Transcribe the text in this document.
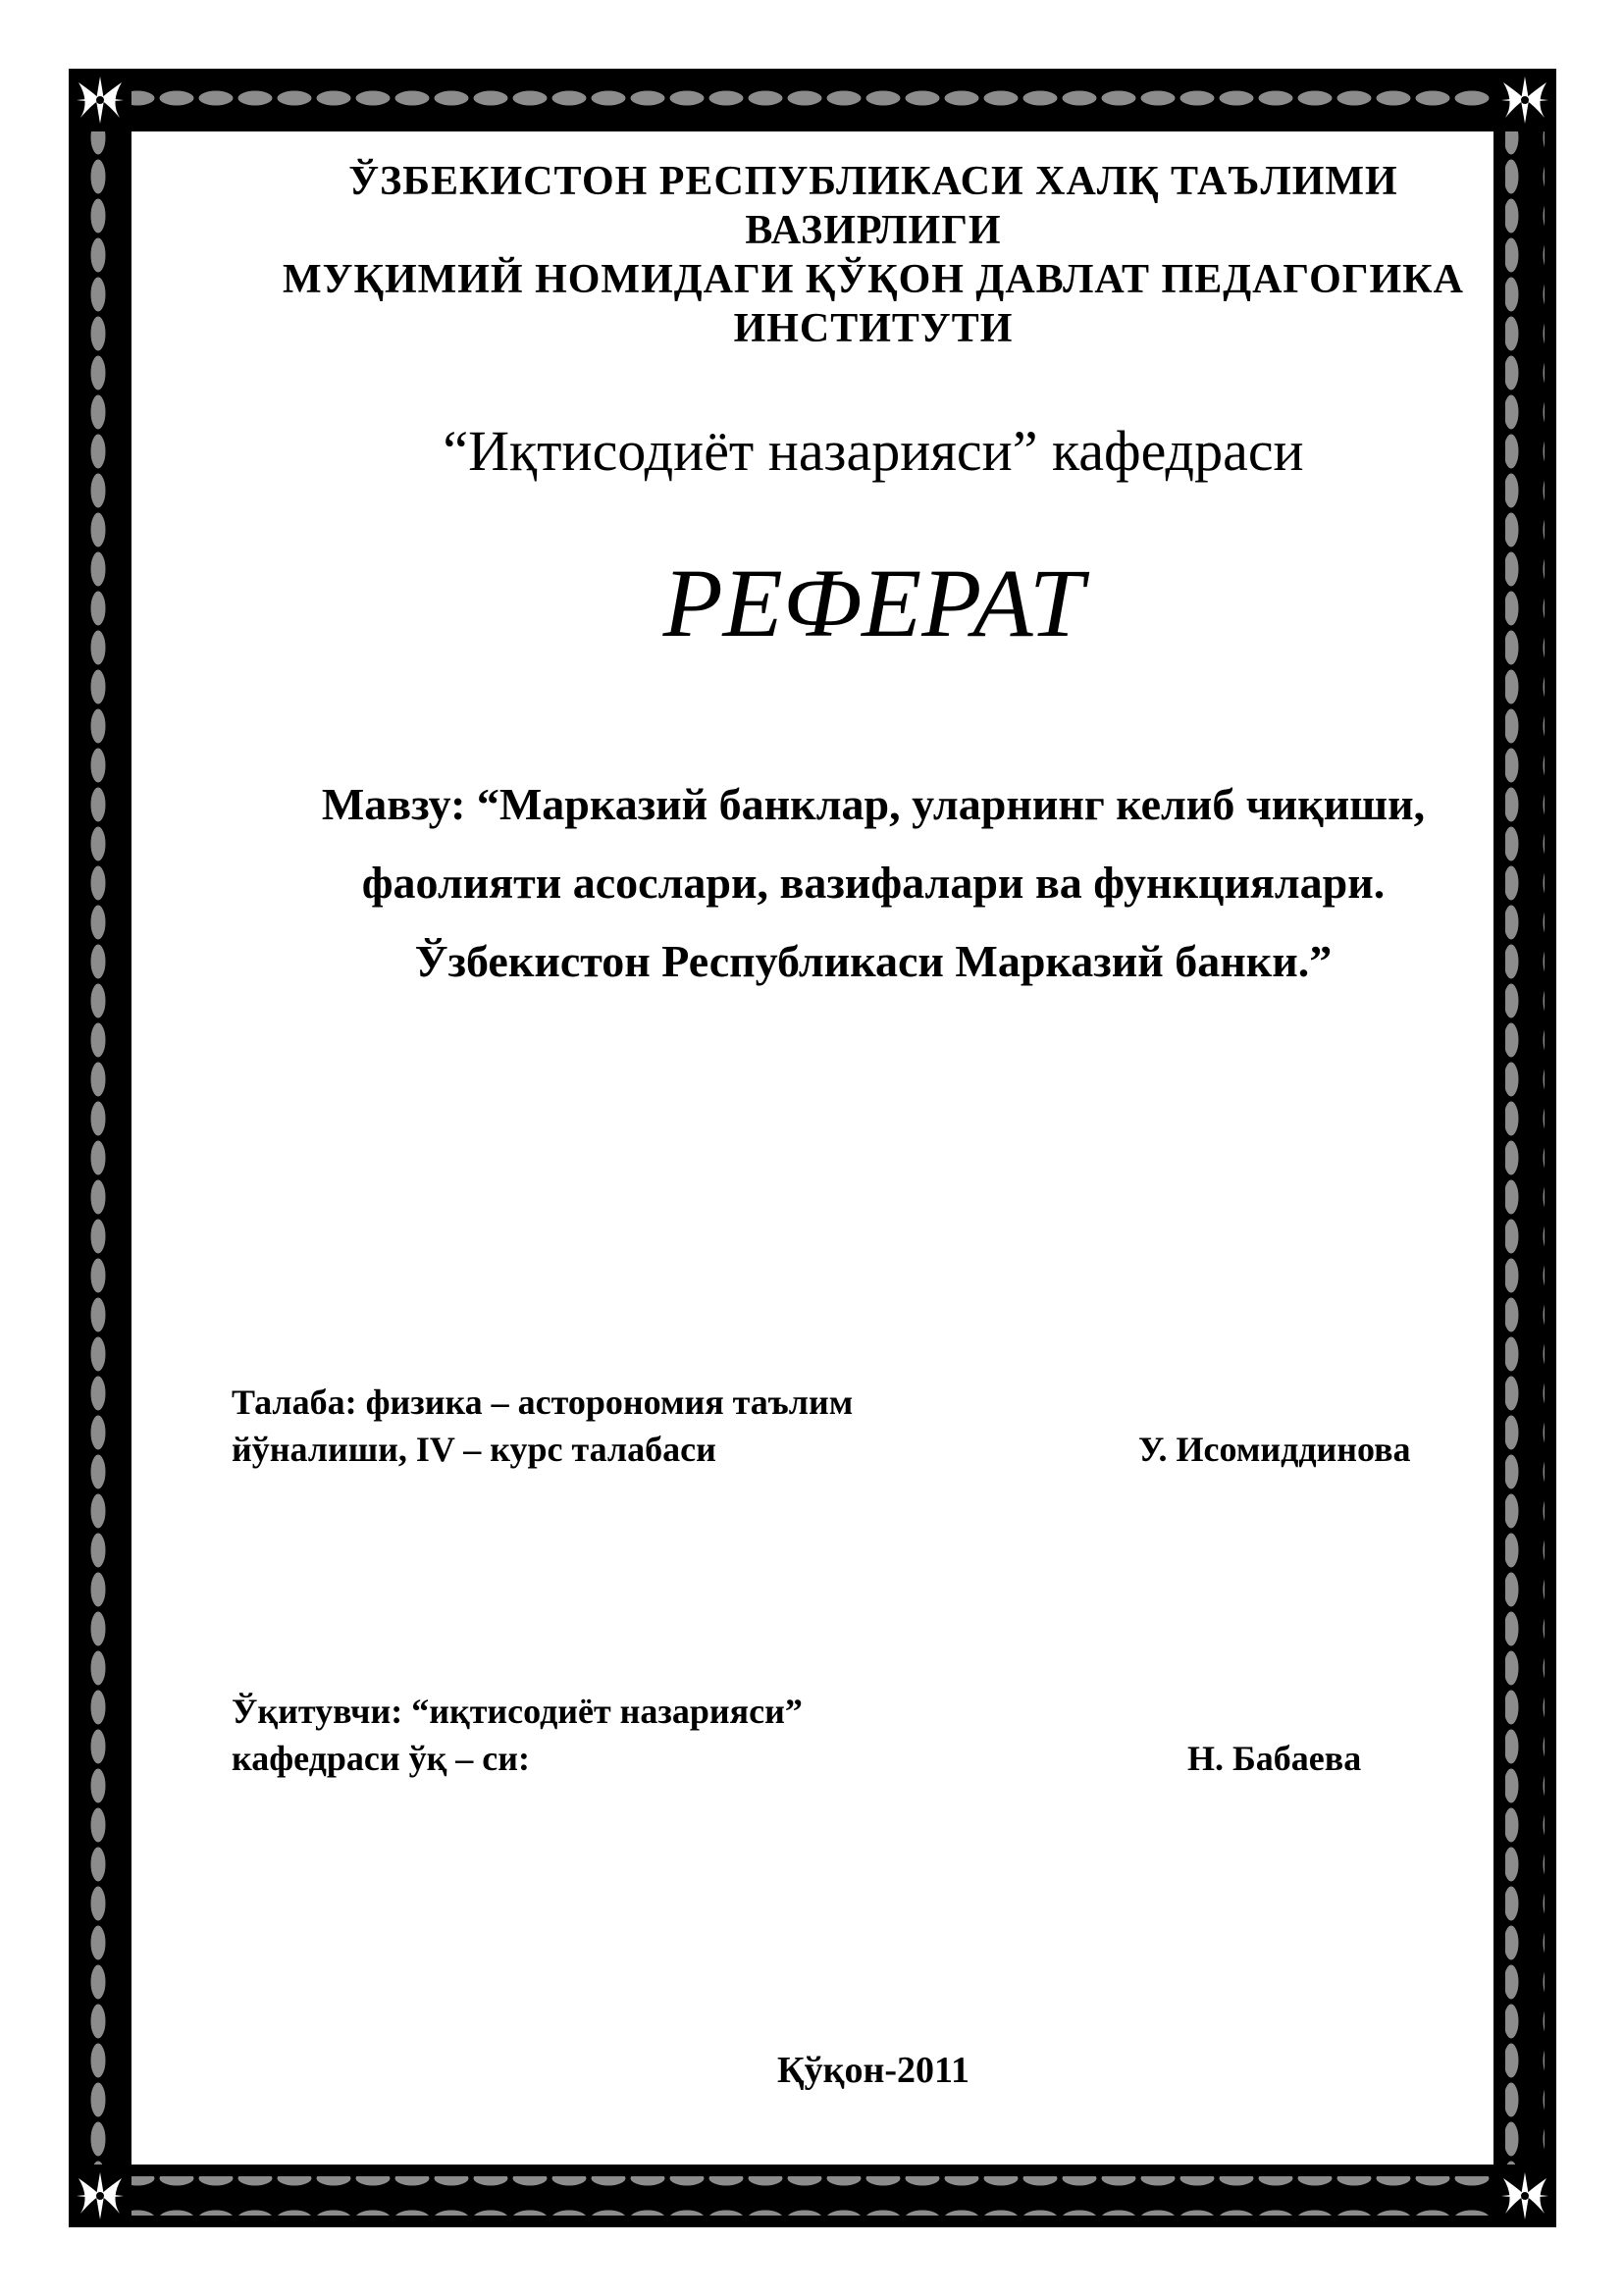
ЎЗБЕКИСТОН РЕСПУБЛИКАСИ ХАЛҚ ТАЪЛИМИ
ВАЗИРЛИГИ
МУҚИМИЙ НОМИДАГИ ҚЎҚОН ДАВЛАТ ПЕДАГОГИКА
ИНСТИТУТИ
“Иқтисодиёт назарияси” кафедраси
РЕФЕРАТ
Мавзу: “Марказий банклар, уларнинг келиб чиқиши,
фаолияти асослари, вазифалари ва функциялари.
Ўзбекистон Республикаси Марказий банки.”
Талаба: физика – асторономия таълим
йўналиши, IV – курс талабаси	У. Исомиддинова
Ўқитувчи: “иқтисодиёт назарияси”
кафедраси ўқ – си:	Н. Бабаева
Қўқон-2011
